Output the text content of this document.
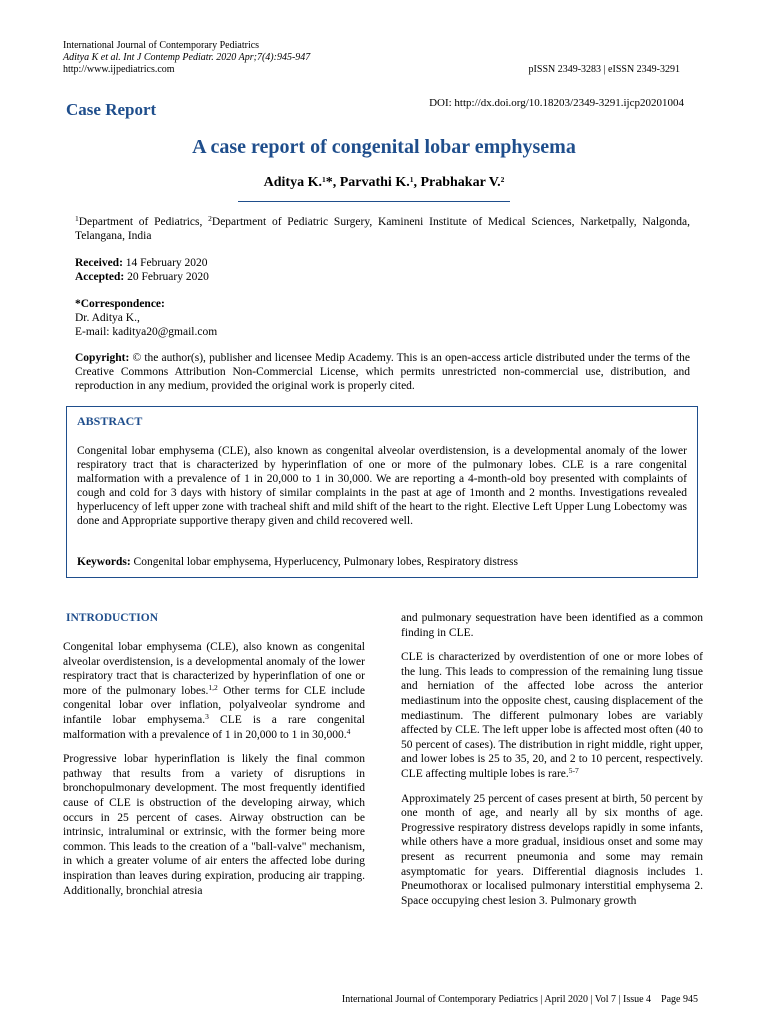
International Journal of Contemporary Pediatrics
Aditya K et al. Int J Contemp Pediatr. 2020 Apr;7(4):945-947
http://www.ijpediatrics.com	pISSN 2349-3283 | eISSN 2349-3291
DOI: http://dx.doi.org/10.18203/2349-3291.ijcp20201004
Case Report
A case report of congenital lobar emphysema
Aditya K.$^1$*, Parvathi K.$^1$, Prabhakar V.$^2$
$^1$Department of Pediatrics, $^2$Department of Pediatric Surgery, Kamineni Institute of Medical Sciences, Narketpally, Nalgonda, Telangana, India
Received: 14 February 2020
Accepted: 20 February 2020
*Correspondence:
Dr. Aditya K.,
E-mail: kaditya20@gmail.com
Copyright: © the author(s), publisher and licensee Medip Academy. This is an open-access article distributed under the terms of the Creative Commons Attribution Non-Commercial License, which permits unrestricted non-commercial use, distribution, and reproduction in any medium, provided the original work is properly cited.
ABSTRACT
Congenital lobar emphysema (CLE), also known as congenital alveolar overdistension, is a developmental anomaly of the lower respiratory tract that is characterized by hyperinflation of one or more of the pulmonary lobes. CLE is a rare congenital malformation with a prevalence of 1 in 20,000 to 1 in 30,000. We are reporting a 4-month-old boy presented with complaints of cough and cold for 3 days with history of similar complaints in the past at age of 1month and 2 months. Investigations revealed hyperlucency of left upper zone with tracheal shift and mild shift of the heart to the right. Elective Left Upper Lung Lobectomy was done and Appropriate supportive therapy given and child recovered well.
Keywords: Congenital lobar emphysema, Hyperlucency, Pulmonary lobes, Respiratory distress
INTRODUCTION

Congenital lobar emphysema (CLE), also known as congenital alveolar overdistension, is a developmental anomaly of the lower respiratory tract that is characterized by hyperinflation of one or more of the pulmonary lobes.$^{1,2}$ Other terms for CLE include congenital lobar over inflation, polyalveolar syndrome and infantile lobar emphysema.$^3$ CLE is a rare congenital malformation with a prevalence of 1 in 20,000 to 1 in 30,000.$^4$

Progressive lobar hyperinflation is likely the final common pathway that results from a variety of disruptions in bronchopulmonary development. The most frequently identified cause of CLE is obstruction of the developing airway, which occurs in 25 percent of cases. Airway obstruction can be intrinsic, intraluminal or extrinsic, with the former being more common. This leads to the creation of a "ball-valve" mechanism, in which a greater volume of air enters the affected lobe during inspiration than leaves during expiration, producing air trapping. Additionally, bronchial atresia

and pulmonary sequestration have been identified as a common finding in CLE.

CLE is characterized by overdistention of one or more lobes of the lung. This leads to compression of the remaining lung tissue and herniation of the affected lobe across the anterior mediastinum into the opposite chest, causing displacement of the mediastinum. The different pulmonary lobes are variably affected by CLE. The left upper lobe is affected most often (40 to 50 percent of cases). The distribution in right middle, right upper, and lower lobes is 25 to 35, 20, and 2 to 10 percent, respectively. CLE affecting multiple lobes is rare.$^{5-7}$

Approximately 25 percent of cases present at birth, 50 percent by one month of age, and nearly all by six months of age. Progressive respiratory distress develops rapidly in some infants, while others have a more gradual, insidious onset and some may present as recurrent pneumonia and some may remain asymptomatic for years. Differential diagnosis includes 1. Pneumothorax or localised pulmonary interstitial emphysema 2. Space occupying chest lesion 3. Pulmonary growth

International Journal of Contemporary Pediatrics | April 2020 | Vol 7 | Issue 4    Page 945
